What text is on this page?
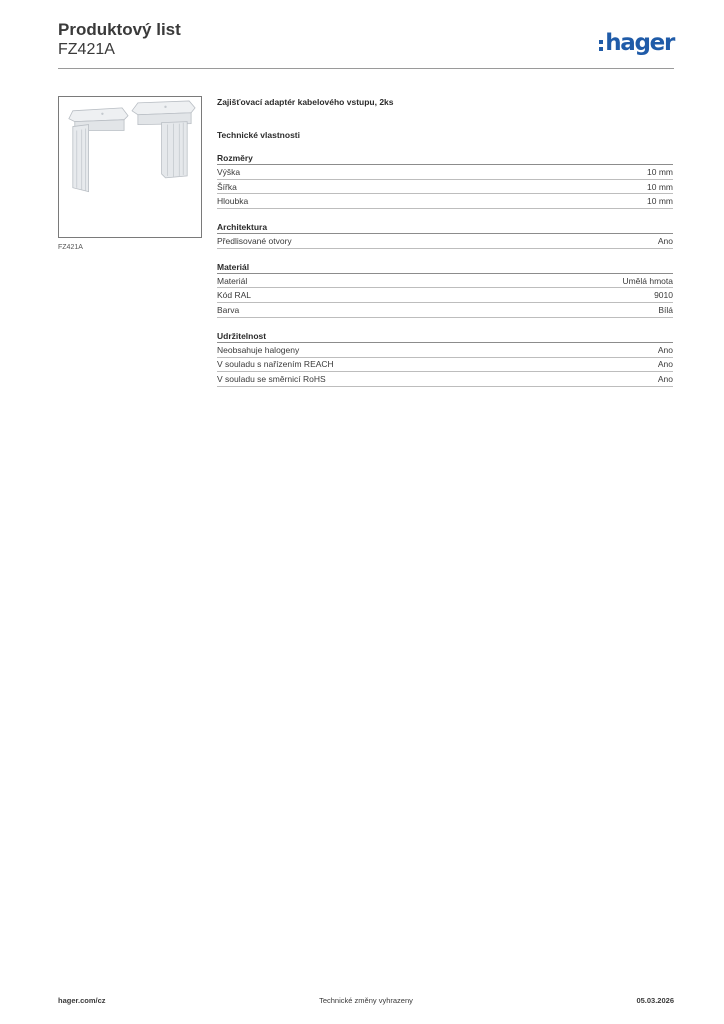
Produktový list
FZ421A	hager
FZ421A
Zajišťovací adaptér kabelového vstupu, 2ks
Technické vlastnosti
Rozměry
Výška	10 mm
Šířka	10 mm
Hloubka	10 mm
Architektura
Předlisované otvory	Ano
Materiál
Materiál	Umělá hmota
Kód RAL	9010
Barva	Bílá
Udržitelnost
Neobsahuje halogeny	Ano
V souladu s nařízením REACH	Ano
V souladu se směrnicí RoHS	Ano
hager.com/cz	Technické změny vyhrazeny	05.03.2026
